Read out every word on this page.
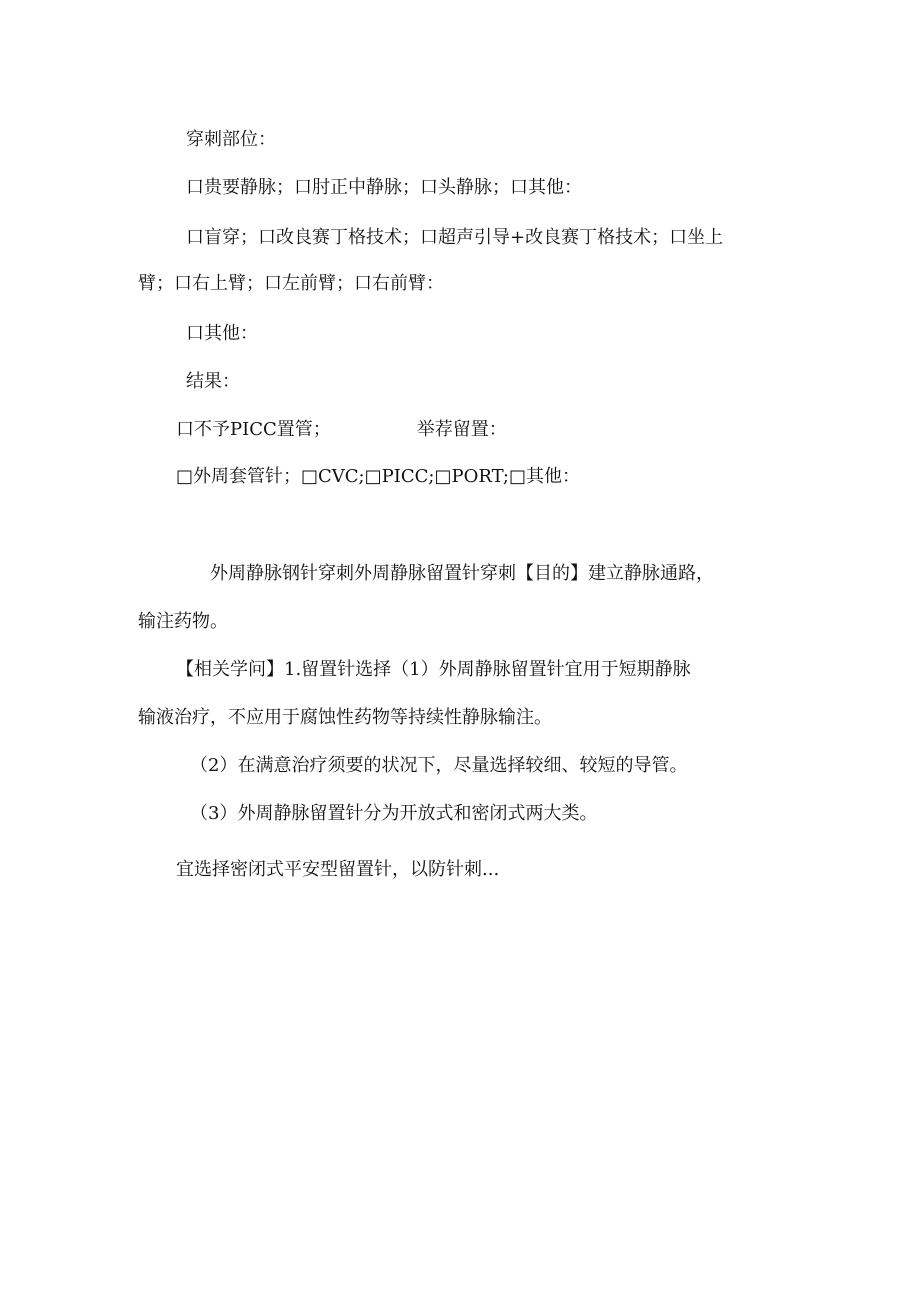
穿刺部位：
口贵要静脉；口肘正中静脉；口头静脉；口其他：
口盲穿；口改良赛丁格技术；口超声引导+改良赛丁格技术；口坐上
臂；口右上臂；口左前臂；口右前臂：
口其他：
结果：
口不予PICC置管；	举荐留置：
□外周套管针；□CVC;□PICC;□PORT;□其他：
外周静脉钢针穿刺外周静脉留置针穿刺【目的】建立静脉通路，
输注药物。
【相关学问】1.留置针选择（1）外周静脉留置针宜用于短期静脉
输液治疗，不应用于腐蚀性药物等持续性静脉输注。
（2）在满意治疗须要的状况下，尽量选择较细、较短的导管。
（3）外周静脉留置针分为开放式和密闭式两大类。
宜选择密闭式平安型留置针，以防针刺...
